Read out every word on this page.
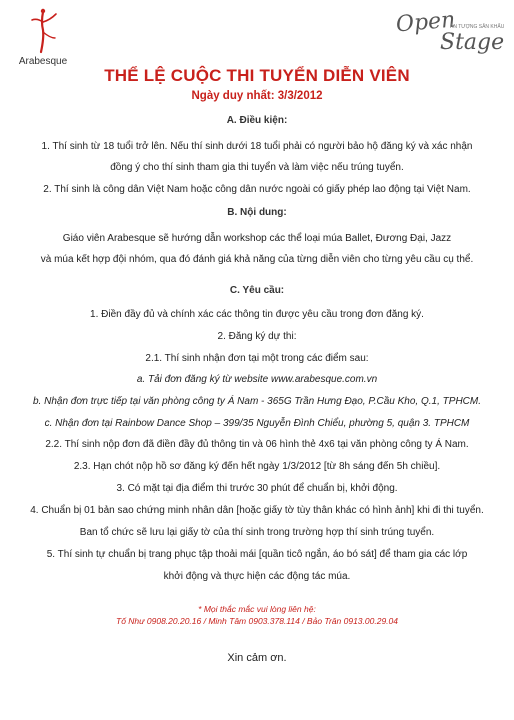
Arabesque
Open
ẤN TƯỢNG SÂN KHẤU
Stage
THỂ LỆ CUỘC THI TUYỂN DIỄN VIÊN
Ngày duy nhất: 3/3/2012
A. Điều kiện:
1. Thí sinh từ 18 tuổi trở lên. Nếu thí sinh dưới 18 tuổi phải có người bảo hộ đăng ký và xác nhận
đồng ý cho thí sinh tham gia thi tuyển và làm việc nếu trúng tuyển.
2. Thí sinh là công dân Việt Nam hoặc công dân nước ngoài có giấy phép lao động tại Việt Nam.
B. Nội dung:
Giáo viên Arabesque sẽ hướng dẫn workshop các thể loại múa Ballet, Đương Đại, Jazz
và múa kết hợp đội nhóm, qua đó đánh giá khả năng của từng diễn viên cho từng yêu cầu cụ thể.
C. Yêu cầu:
1. Điền đầy đủ và chính xác các thông tin được yêu cầu trong đơn đăng ký.
2. Đăng ký dự thi:
2.1. Thí sinh nhận đơn tại một trong các điểm sau:
a. Tải đơn đăng ký từ website www.arabesque.com.vn
b. Nhận đơn trực tiếp tại văn phòng công ty Á Nam - 365G Trần Hưng Đạo, P.Cầu Kho, Q.1, TPHCM.
c. Nhận đơn tại Rainbow Dance Shop – 399/35 Nguyễn Đình Chiểu, phường 5, quận 3. TPHCM
2.2. Thí sinh nộp đơn đã điền đầy đủ thông tin và 06 hình thẻ 4x6 tại văn phòng công ty Á Nam.
2.3. Hạn chót nộp hồ sơ đăng ký đến hết ngày 1/3/2012 [từ 8h sáng đến 5h chiều].
3. Có mặt tại địa điểm thi trước 30 phút để chuẩn bị, khởi động.
4. Chuẩn bị 01 bản sao chứng minh nhân dân [hoặc giấy tờ tùy thân khác có hình ảnh] khi đi thi tuyển.
Ban tổ chức sẽ lưu lại giấy tờ của thí sinh trong trường hợp thí sinh trúng tuyển.
5. Thí sinh tự chuẩn bị trang phục tập thoải mái [quần ticô ngắn, áo bó sát] để tham gia các lớp
khởi động và thực hiện các động tác múa.
* Mọi thắc mắc vui lòng liên hệ:
Tố Như 0908.20.20.16 / Minh Tâm 0903.378.114 / Bảo Trân 0913.00.29.04
Xin cảm ơn.
